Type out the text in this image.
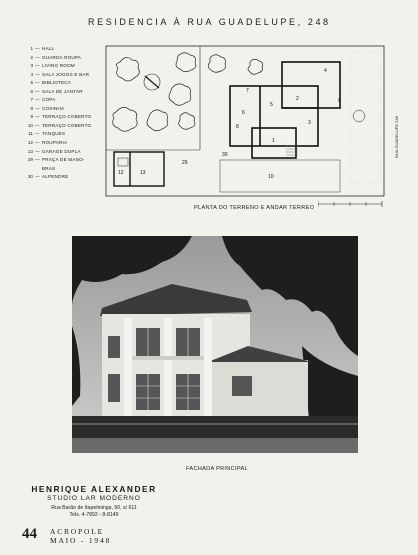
RESIDENCIA À RUA GUADELUPE, 248
1 — HALL
2 — GUARDA ROUPA
3 — LIVING ROOM
4 — SALA JOGOS E BAR
5 — BIBLIOTECA
6 — SALA DE JANTAR
7 — COPA
8 — COSINHA
9 — TERRAÇO COBERTO
10 — TERRAÇO COBERTO
11 — TANQUES
12 — ROUPARIA
13 — GARAGE DUPLA
29 — PRAÇA DE MANO-
BRAS
30 — ALPENDRE
1
2
3
4
5
6
7
8
9
10
12	13
29
30	RUA GUADELUPE 248
PLANTA DO TERRENO E ANDAR TERREO
FACHADA PRINCIPAL
HENRIQUE ALEXANDER
STUDIO LAR MODERNO
Rua Barão de Itapetininga, 50, s/ 611
Tels. 4-7892 - 8-8149
44 ACROPOLE
MAIO - 1948
